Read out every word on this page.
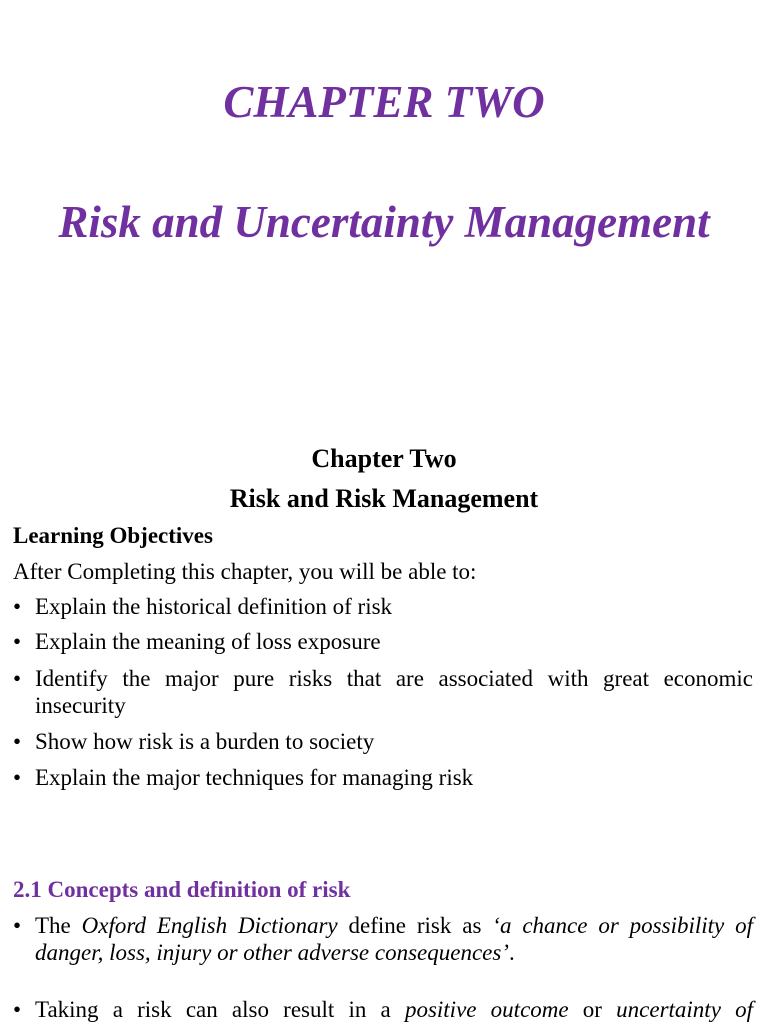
CHAPTER TWO
Risk and Uncertainty Management
Chapter Two
Risk and Risk Management
Learning Objectives
After Completing this chapter, you will be able to:
• Explain the historical definition of risk
• Explain the meaning of loss exposure
• Identify the major pure risks that are associated with great economic insecurity
• Show how risk is a burden to society
• Explain the major techniques for managing risk
2.1 Concepts and definition of risk
• The Oxford English Dictionary define risk as ‘a chance or possibility of danger, loss, injury or other adverse consequences’.
• Taking a risk can also result in a positive outcome or uncertainty of
